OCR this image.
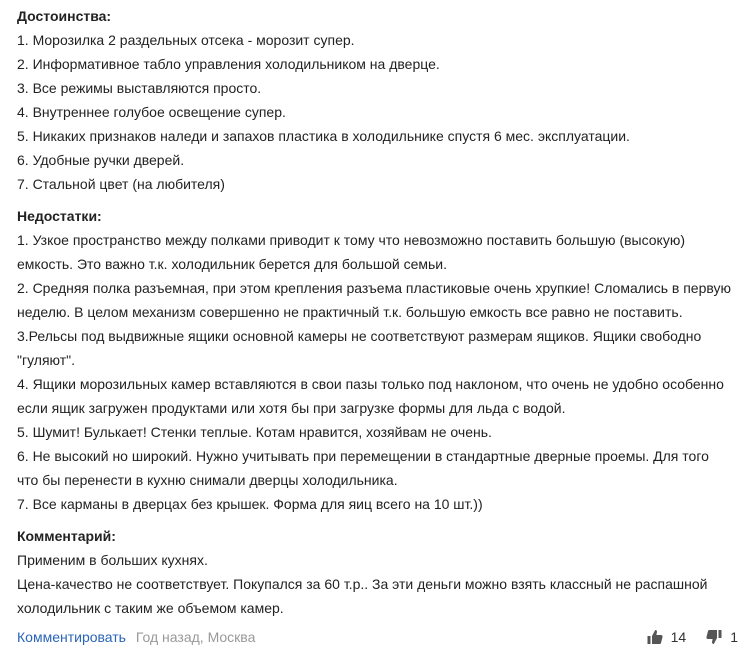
Достоинства:
1. Морозилка 2 раздельных отсека - морозит супер.
2. Информативное табло управления холодильником на дверце.
3. Все режимы выставляются просто.
4. Внутреннее голубое освещение супер.
5. Никаких признаков наледи и запахов пластика в холодильнике спустя 6 мес. эксплуатации.
6. Удобные ручки дверей.
7. Стальной цвет (на любителя)
Недостатки:
1. Узкое пространство между полками приводит к тому что невозможно поставить большую (высокую)
емкость. Это важно т.к. холодильник берется для большой семьи.
2. Средняя полка разъемная, при этом крепления разъема пластиковые очень хрупкие! Сломались в первую
неделю. В целом механизм совершенно не практичный т.к. большую емкость все равно не поставить.
3.Рельсы под выдвижные ящики основной камеры не соответствуют размерам ящиков. Ящики свободно
"гуляют".
4. Ящики морозильных камер вставляются в свои пазы только под наклоном, что очень не удобно особенно
если ящик загружен продуктами или хотя бы при загрузке формы для льда с водой.
5. Шумит! Булькает! Стенки теплые. Котам нравится, хозяйвам не очень.
6. Не высокий но широкий. Нужно учитывать при перемещении в стандартные дверные проемы. Для того
что бы перенести в кухню снимали дверцы холодильника.
7. Все карманы в дверцах без крышек. Форма для яиц всего на 10 шт.))
Комментарий:
Применим в больших кухнях.
Цена-качество не соответствует. Покупался за 60 т.р.. За эти деньги можно взять классный не распашной
холодильник с таким же объемом камер.
Комментировать Год назад, Москва	14	1
